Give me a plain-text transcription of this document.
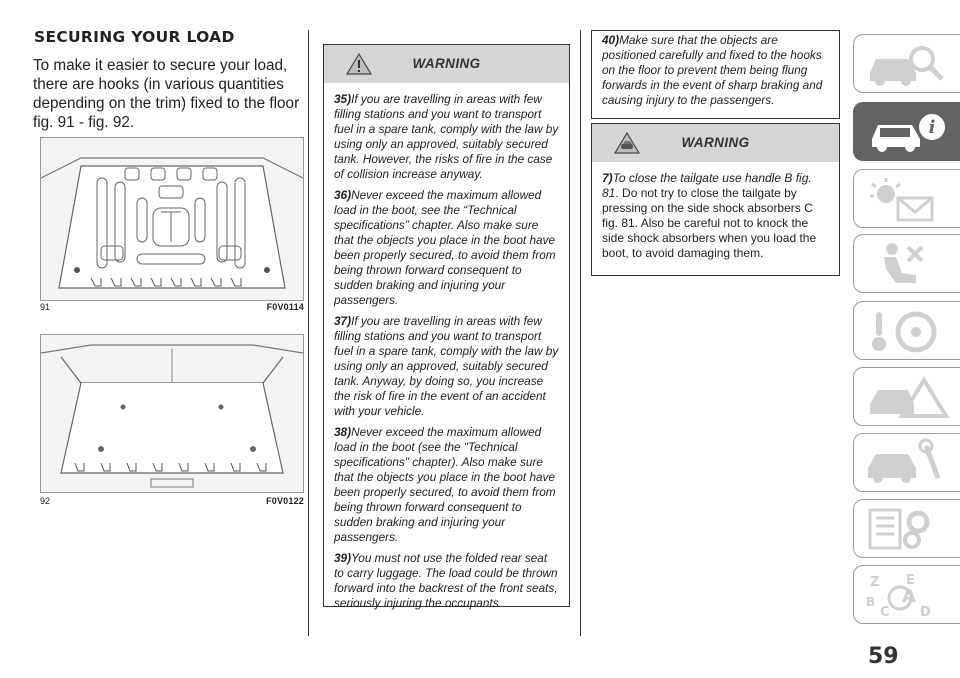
SECURING YOUR LOAD
To make it easier to secure your load, there are hooks (in various quantities depending on the trim) fixed to the floor fig. 91 - fig. 92.
91	F0V0114
92	F0V0122
WARNING

35)If you are travelling in areas with few filling stations and you want to transport fuel in a spare tank, comply with the law by using only an approved, suitably secured tank. However, the risks of fire in the case of collision increase anyway.

36)Never exceed the maximum allowed load in the boot, see the “Technical specifications” chapter. Also make sure that the objects you place in the boot have been properly secured, to avoid them from being thrown forward consequent to sudden braking and injuring your passengers.

37)If you are travelling in areas with few filling stations and you want to transport fuel in a spare tank, comply with the law by using only an approved, suitably secured tank. Anyway, by doing so, you increase the risk of fire in the event of an accident with your vehicle.

38)Never exceed the maximum allowed load in the boot (see the "Technical specifications" chapter). Also make sure that the objects you place in the boot have been properly secured, to avoid them from being thrown forward consequent to sudden braking and injuring your passengers.

39)You must not use the folded rear seat to carry luggage. The load could be thrown forward into the backrest of the front seats, seriously injuring the occupants.

40)Make sure that the objects are positioned carefully and fixed to the hooks on the floor to prevent them being flung forwards in the event of sharp braking and causing injury to the passengers.

WARNING

7)To close the tailgate use handle B fig. 81. Do not try to close the tailgate by pressing on the side shock absorbers C fig. 81. Also be careful not to knock the side shock absorbers when you load the boot, to avoid damaging them.

i
Z E
A
B
C D
59
